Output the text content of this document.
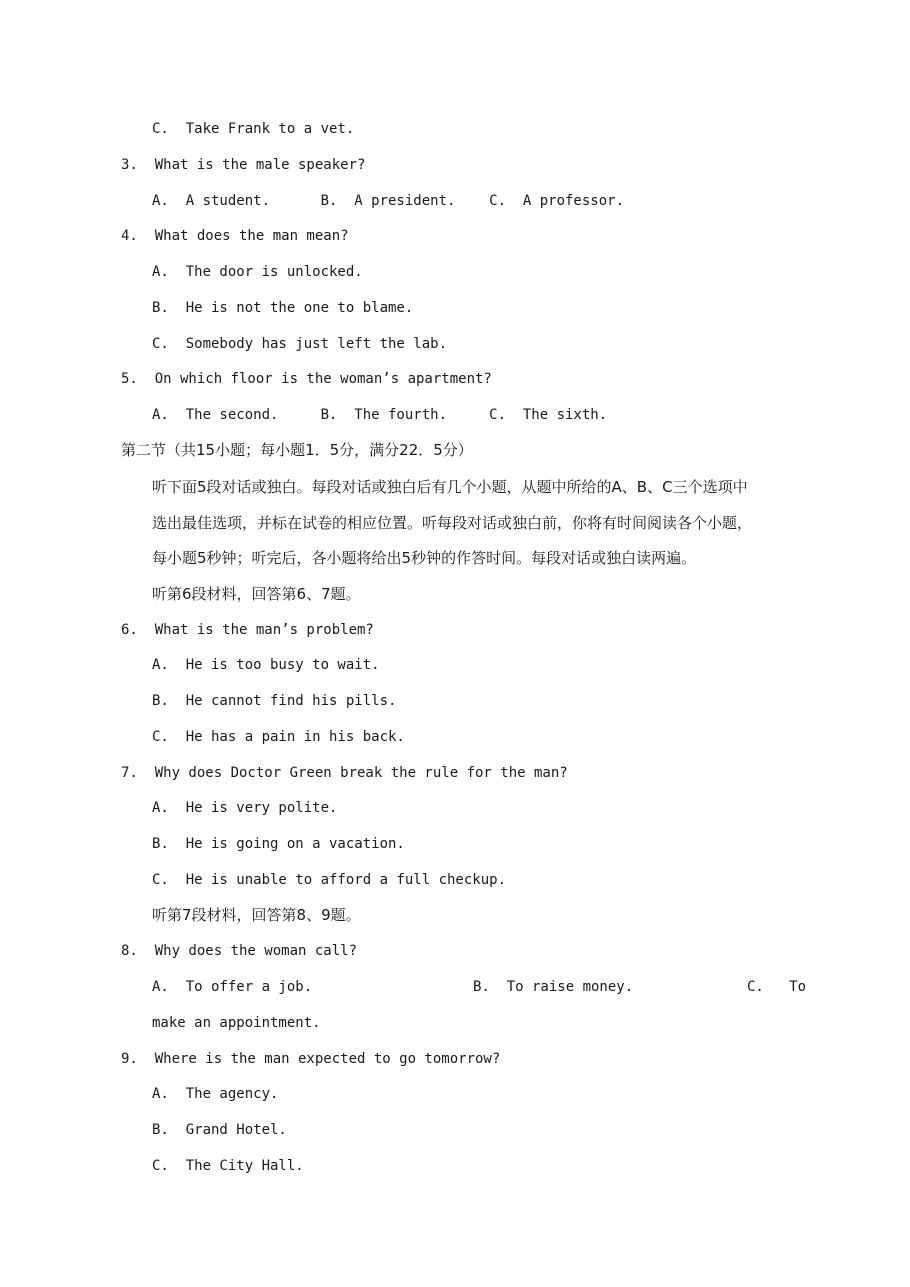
C.  Take Frank to a vet.
3.  What is the male speaker?
A.  A student.      B.  A president.    C.  A professor.
4.  What does the man mean?
A.  The door is unlocked.
B.  He is not the one to blame.
C.  Somebody has just left the lab.
5.  On which floor is the woman’s apartment?
A.  The second.     B.  The fourth.     C.  The sixth.
第二节（共15小题；每小题1．5分，满分22．5分）
听下面5段对话或独白。每段对话或独白后有几个小题，从题中所给的A、B、C三个选项中
选出最佳选项，并标在试卷的相应位置。听每段对话或独白前，你将有时间阅读各个小题，
每小题5秒钟；听完后，各小题将给出5秒钟的作答时间。每段对话或独白读两遍。
听第6段材料，回答第6、7题。
6.  What is the man’s problem?
A.  He is too busy to wait.
B.  He cannot find his pills.
C.  He has a pain in his back.
7.  Why does Doctor Green break the rule for the man?
A.  He is very polite.
B.  He is going on a vacation.
C.  He is unable to afford a full checkup.
听第7段材料，回答第8、9题。
8.  Why does the woman call?
A.  To offer a job.	B.  To raise money.	C.   To
make an appointment.
9.  Where is the man expected to go tomorrow?
A.  The agency.
B.  Grand Hotel.
C.  The City Hall.
